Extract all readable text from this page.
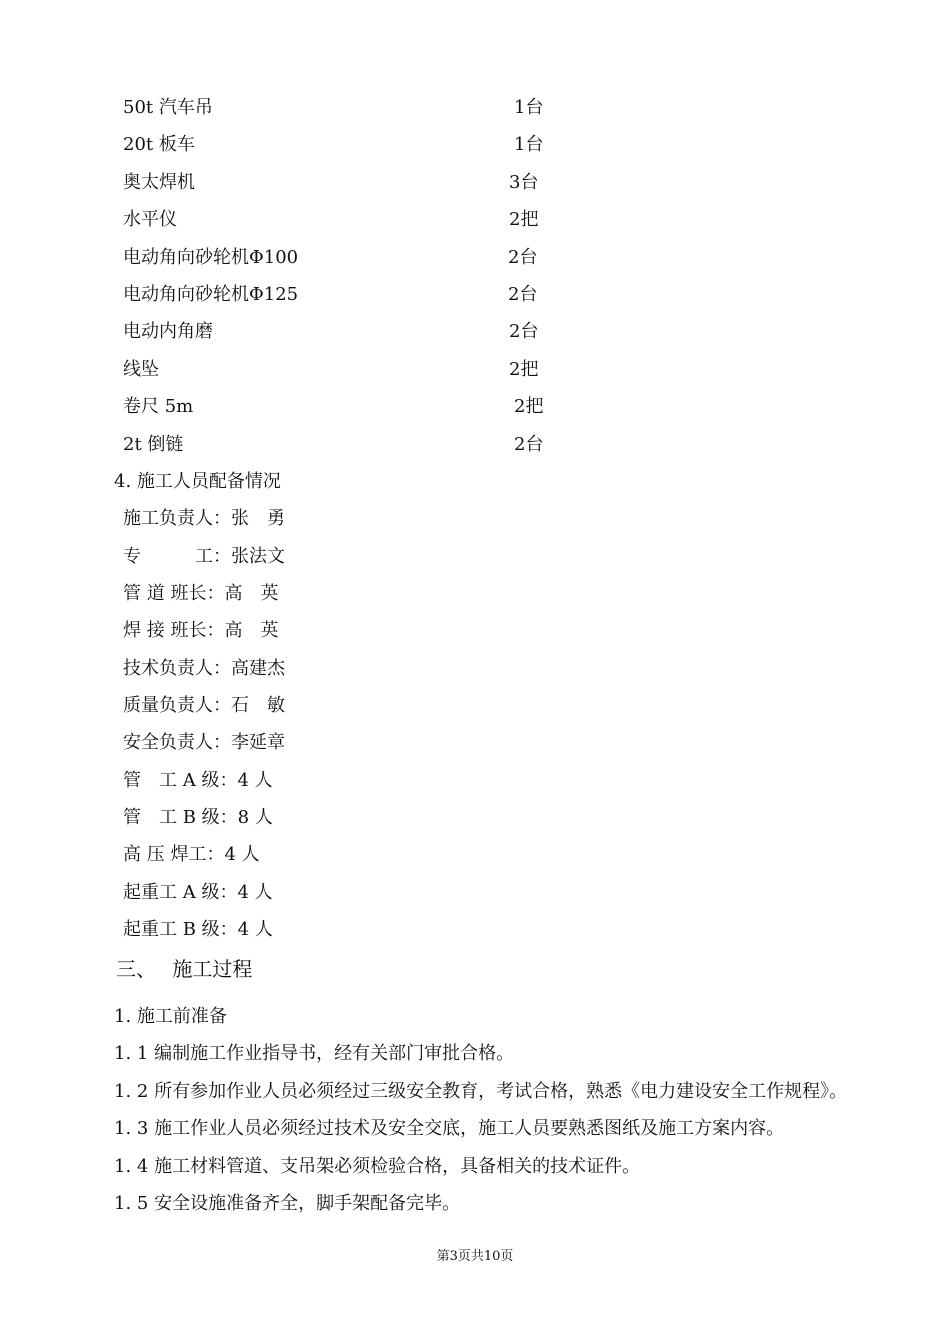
50t 汽车吊	1台
20t 板车	1台
奥太焊机	3台
水平仪	2把
电动角向砂轮机Φ100	2台
电动角向砂轮机Φ125	2台
电动内角磨	2台
线坠	2把
卷尺 5m	2把
2t 倒链	2台
4. 施工人员配备情况
施工负责人：张　勇
专　　　工：张法文
管 道 班长：高　英
焊 接 班长：高　英
技术负责人：高建杰
质量负责人：石　敏
安全负责人：李延章
管　工 A 级：4 人
管　工 B 级：8 人
高 压 焊工：4 人
起重工 A 级：4 人
起重工 B 级：4 人
三、　 施工过程
1. 施工前准备
1. 1 编制施工作业指导书，经有关部门审批合格。
1. 2 所有参加作业人员必须经过三级安全教育，考试合格，熟悉《电力建设安全工作规程》。
1. 3 施工作业人员必须经过技术及安全交底，施工人员要熟悉图纸及施工方案内容。
1. 4 施工材料管道、支吊架必须检验合格，具备相关的技术证件。
1. 5 安全设施准备齐全，脚手架配备完毕。
第3页共10页
